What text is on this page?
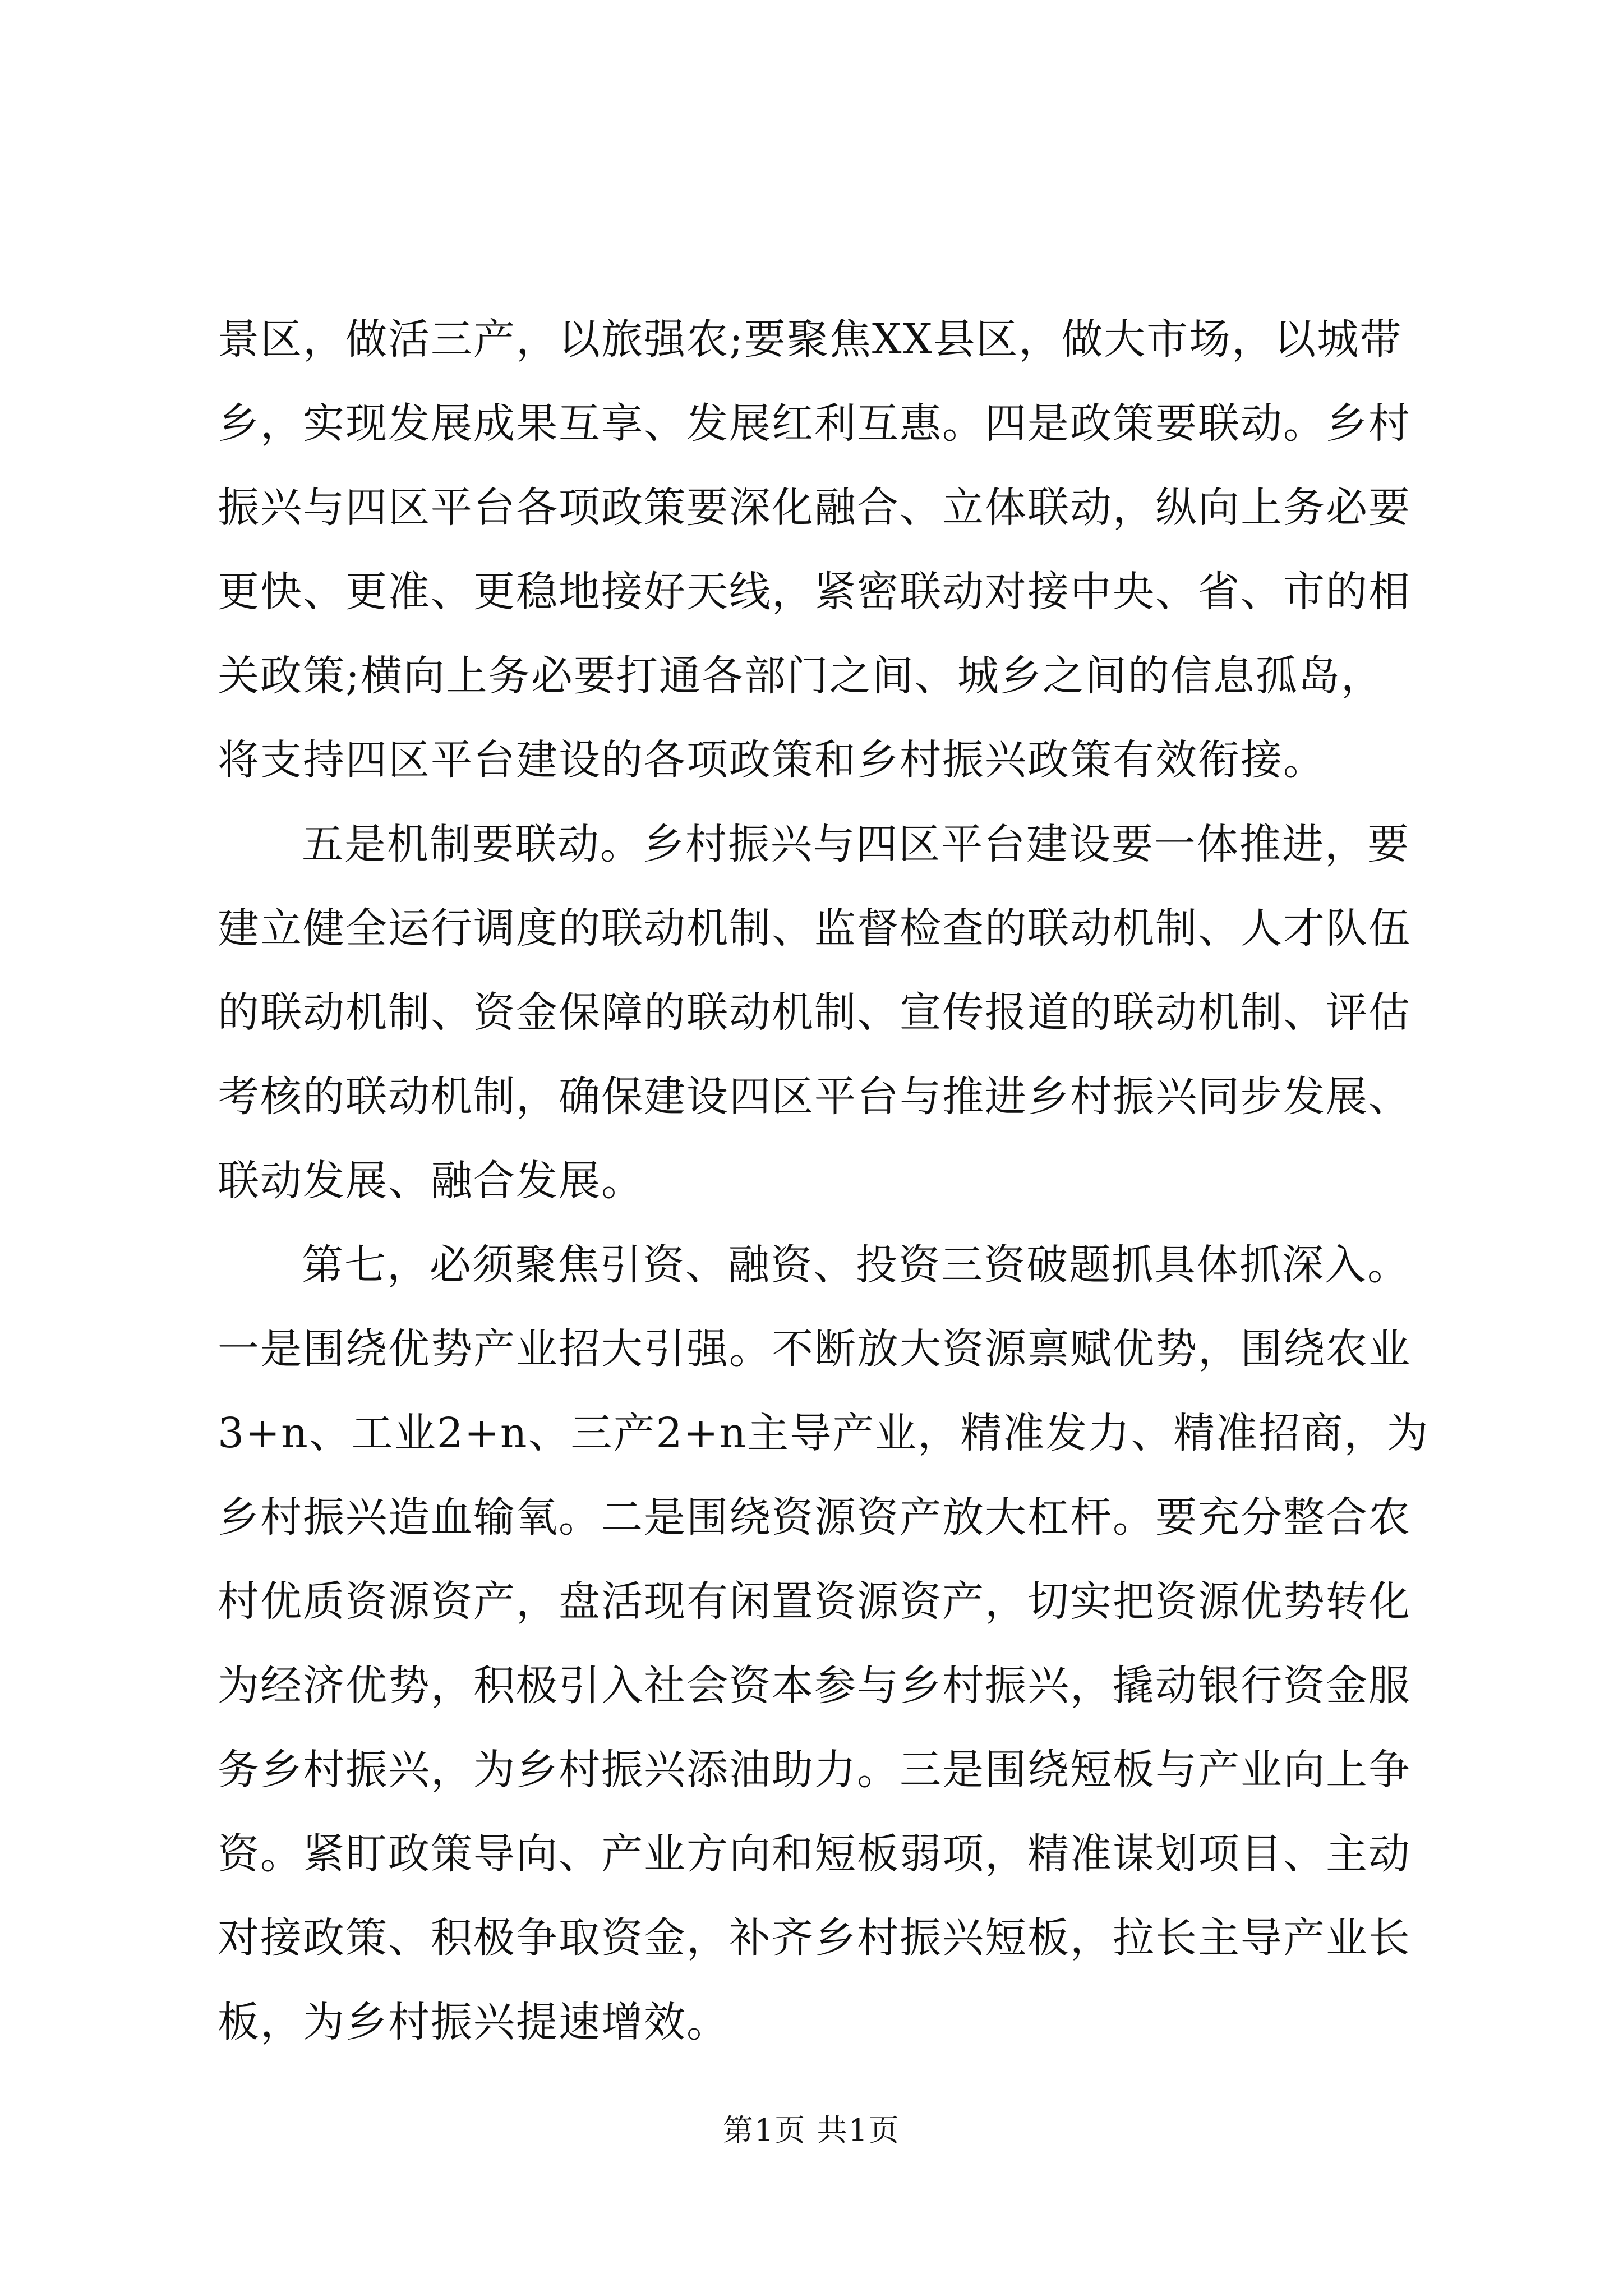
景区，做活三产，以旅强农;要聚焦XX县区，做大市场，以城带
乡，实现发展成果互享、发展红利互惠。四是政策要联动。乡村
振兴与四区平台各项政策要深化融合、立体联动，纵向上务必要
更快、更准、更稳地接好天线，紧密联动对接中央、省、市的相
关政策;横向上务必要打通各部门之间、城乡之间的信息孤岛，
将支持四区平台建设的各项政策和乡村振兴政策有效衔接。
五是机制要联动。乡村振兴与四区平台建设要一体推进，要
建立健全运行调度的联动机制、监督检查的联动机制、人才队伍
的联动机制、资金保障的联动机制、宣传报道的联动机制、评估
考核的联动机制，确保建设四区平台与推进乡村振兴同步发展、
联动发展、融合发展。
第七，必须聚焦引资、融资、投资三资破题抓具体抓深入。
一是围绕优势产业招大引强。不断放大资源禀赋优势，围绕农业
3+n、工业2+n、三产2+n主导产业，精准发力、精准招商，为
乡村振兴造血输氧。二是围绕资源资产放大杠杆。要充分整合农
村优质资源资产，盘活现有闲置资源资产，切实把资源优势转化
为经济优势，积极引入社会资本参与乡村振兴，撬动银行资金服
务乡村振兴，为乡村振兴添油助力。三是围绕短板与产业向上争
资。紧盯政策导向、产业方向和短板弱项，精准谋划项目、主动
对接政策、积极争取资金，补齐乡村振兴短板，拉长主导产业长
板，为乡村振兴提速增效。
第1页 共1页
